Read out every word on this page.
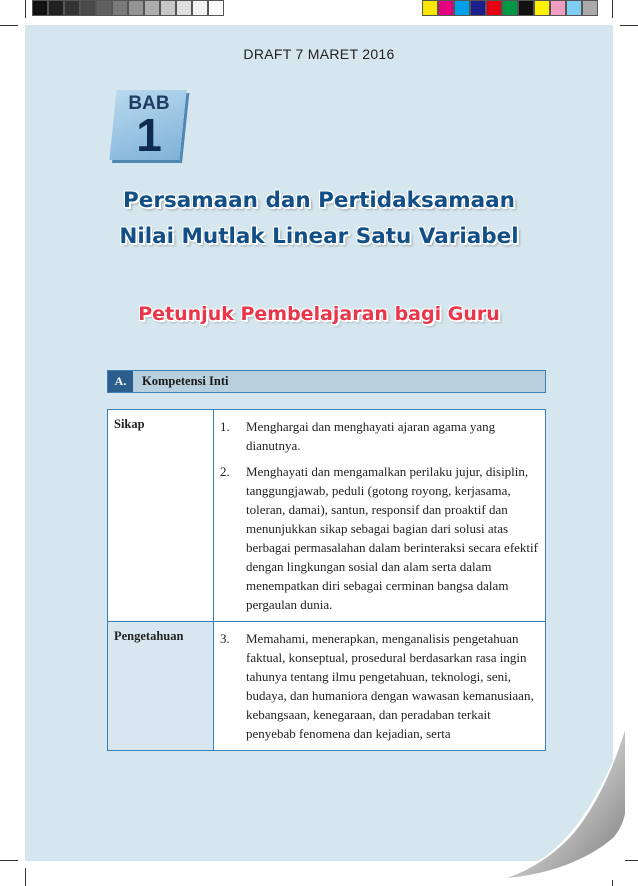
DRAFT 7 MARET 2016
BAB
1
Persamaan dan Pertidaksamaan
Nilai Mutlak Linear Satu Variabel
Petunjuk Pembelajaran bagi Guru
A.	Kompetensi Inti
Sikap	1. Menghargai dan menghayati ajaran agama yang dianutnya.
2. Menghayati dan mengamalkan perilaku jujur, disiplin, tanggungjawab, peduli (gotong royong, kerjasama, toleran, damai), santun, responsif dan proaktif dan menunjukkan sikap sebagai bagian dari solusi atas berbagai permasalahan dalam berinteraksi secara efektif dengan lingkungan sosial dan alam serta dalam menempatkan diri sebagai cerminan bangsa dalam pergaulan dunia.

Pengetahuan	3. Memahami, menerapkan, menganalisis pengetahuan faktual, konseptual, prosedural berdasarkan rasa ingin tahunya tentang ilmu pengetahuan, teknologi, seni, budaya, dan humaniora dengan wawasan kemanusiaan, kebangsaan, kenegaraan, dan peradaban terkait penyebab fenomena dan kejadian, serta
